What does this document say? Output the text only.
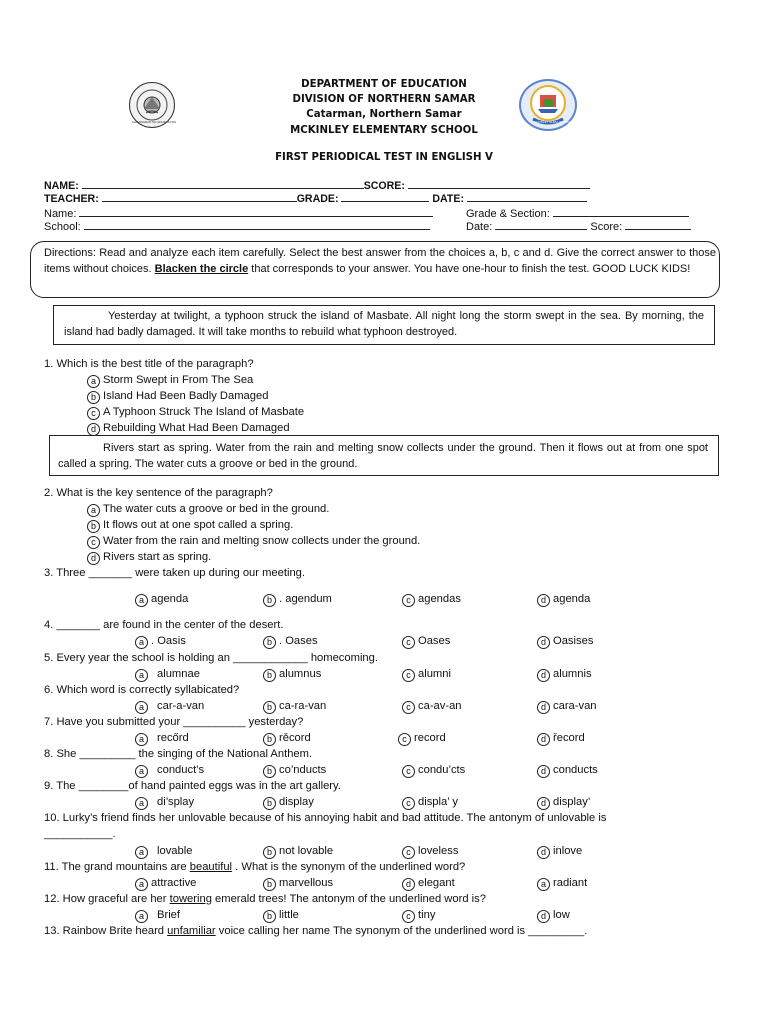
KAGAWARAN NG EDUKASYON	McKINLEY ELEM. SCHOOL
DEPARTMENT OF EDUCATION
DIVISION OF NORTHERN SAMAR
Catarman, Northern Samar
MCKINLEY ELEMENTARY SCHOOL
FIRST PERIODICAL TEST IN ENGLISH V
NAME:	SCORE:
TEACHER:	GRADE:	DATE:
Name:	Grade & Section:
School:	Date:	Score:
Directions: Read and analyze each item carefully. Select the best answer from the choices a, b, c and d. Give the correct answer to those items without choices. Blacken the circle that corresponds to your answer. You have one-hour to finish the test. GOOD LUCK KIDS!
Yesterday at twilight, a typhoon struck the island of Masbate. All night long the storm swept in the sea. By morning, the island had badly damaged. It will take months to rebuild what typhoon destroyed.
1. Which is the best title of the paragraph?
a Storm Swept in From The Sea
b Island Had Been Badly Damaged
c A Typhoon Struck The Island of Masbate
d Rebuilding What Had Been Damaged
Rivers start as spring. Water from the rain and melting snow collects under the ground. Then it flows out at from one spot called a spring. The water cuts a groove or bed in the ground.
2. What is the key sentence of the paragraph?
a The water cuts a groove or bed in the ground.
b It flows out at one spot called a spring.
c Water from the rain and melting snow collects under the ground.
d Rivers start as spring.
3. Three _______ were taken up during our meeting.
a agenda	b . agendum	c agendas	d agenda
4. _______ are found in the center of the desert.
a . Oasis	b . Oases	c Oases	d Oasises
5. Every year the school is holding an ____________ homecoming.
a alumnae	b alumnus	c alumni	d alumnis
6. Which word is correctly syllabicated?
a car-a-van	b ca-ra-van	c ca-av-an	d cara-van
7. Have you submitted your __________ yesterday?
a recőrd	b rěcord	c record	d řecord
8. She _________ the singing of the National Anthem.
a conduct’s	b co’nducts	c condu’cts	d conducts
9. The ________of hand painted eggs was in the art gallery.
a di’splay	b display	c displa’ y	d display’
10. Lurky’s friend finds her unlovable because of his annoying habit and bad attitude. The antonym of unlovable is
___________.
a lovable	b not lovable	c loveless	d inlove
11. The grand mountains are beautiful . What is the synonym of the underlined word?
a attractive	b marvellous	d elegant	a radiant
12. How graceful are her towering emerald trees! The antonym of the underlined word is?
a Brief	b little	c tiny	d low
13. Rainbow Brite heard unfamiliar voice calling her name The synonym of the underlined word is _________.
